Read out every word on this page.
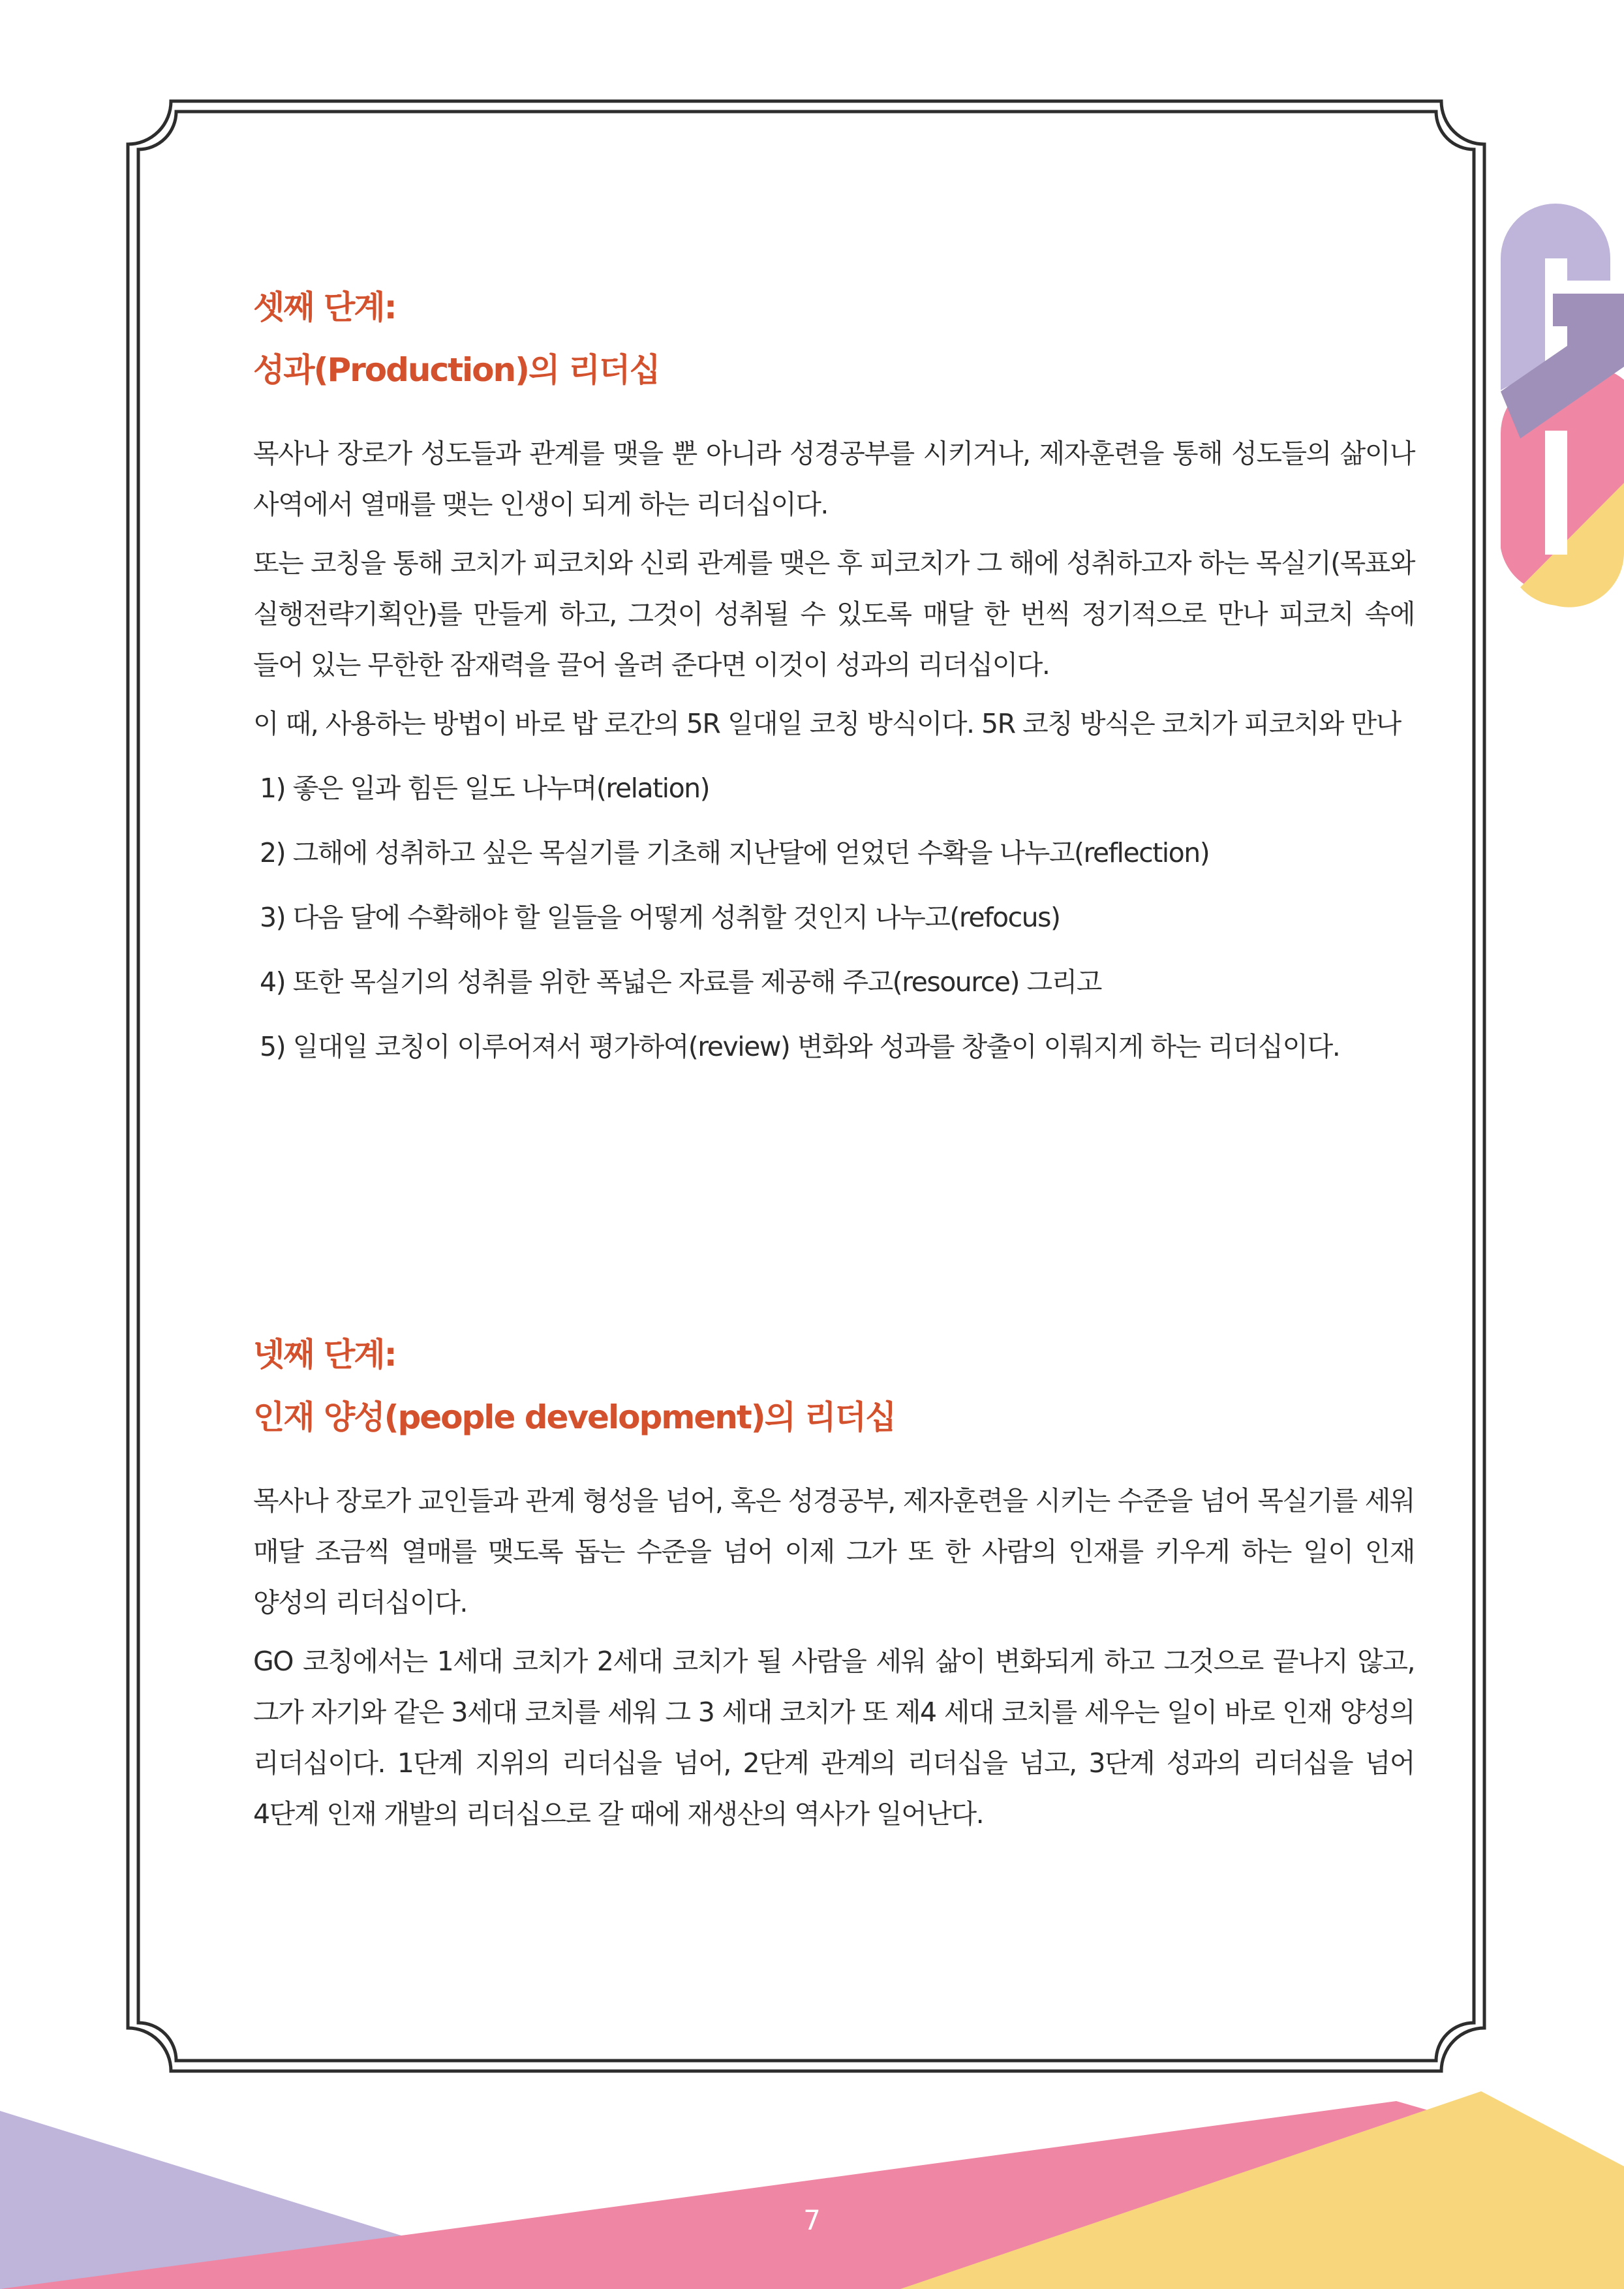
셋째 단계:
성과(Production)의 리더십

목사나 장로가 성도들과 관계를 맺을 뿐 아니라 성경공부를 시키거나, 제자훈련을 통해 성도들의 삶이나 사역에서 열매를 맺는 인생이 되게 하는 리더십이다.

또는 코칭을 통해 코치가 피코치와 신뢰 관계를 맺은 후 피코치가 그 해에 성취하고자 하는 목실기(목표와 실행전략기획안)를 만들게 하고, 그것이 성취될 수 있도록 매달 한 번씩 정기적으로 만나 피코치 속에 들어 있는 무한한 잠재력을 끌어 올려 준다면 이것이 성과의 리더십이다.

이 때, 사용하는 방법이 바로 밥 로간의 5R 일대일 코칭 방식이다. 5R 코칭 방식은 코치가 피코치와 만나

1) 좋은 일과 힘든 일도 나누며(relation)
2) 그해에 성취하고 싶은 목실기를 기초해 지난달에 얻었던 수확을 나누고(reflection)
3) 다음 달에 수확해야 할 일들을 어떻게 성취할 것인지 나누고(refocus)
4) 또한 목실기의 성취를 위한 폭넓은 자료를 제공해 주고(resource) 그리고
5) 일대일 코칭이 이루어져서 평가하여(review) 변화와 성과를 창출이 이뤄지게 하는 리더십이다.
넷째 단계:
인재 양성(people development)의 리더십

목사나 장로가 교인들과 관계 형성을 넘어, 혹은 성경공부, 제자훈련을 시키는 수준을 넘어 목실기를 세워 매달 조금씩 열매를 맺도록 돕는 수준을 넘어 이제 그가 또 한 사람의 인재를 키우게 하는 일이 인재 양성의 리더십이다.

GO 코칭에서는 1세대 코치가 2세대 코치가 될 사람을 세워 삶이 변화되게 하고 그것으로 끝나지 않고, 그가 자기와 같은 3세대 코치를 세워 그 3 세대 코치가 또 제4 세대 코치를 세우는 일이 바로 인재 양성의 리더십이다. 1단계 지위의 리더십을 넘어, 2단계 관계의 리더십을 넘고, 3단계 성과의 리더십을 넘어 4단계 인재 개발의 리더십으로 갈 때에 재생산의 역사가 일어난다.

7
